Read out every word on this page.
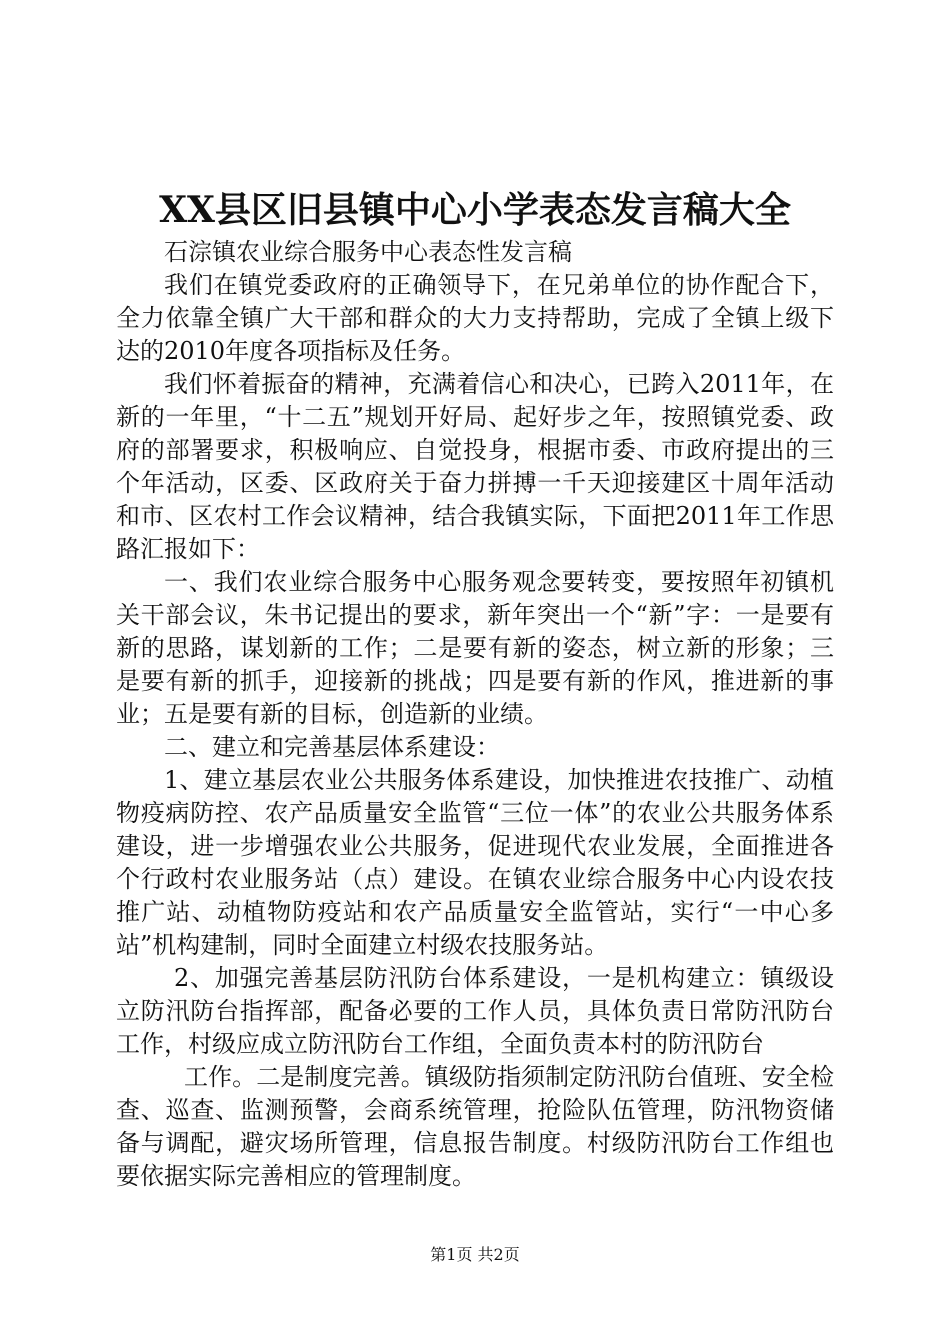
XX县区旧县镇中心小学表态发言稿大全

石淙镇农业综合服务中心表态性发言稿

我们在镇党委政府的正确领导下，在兄弟单位的协作配合下，全力依靠全镇广大干部和群众的大力支持帮助，完成了全镇上级下达的2010年度各项指标及任务。

我们怀着振奋的精神，充满着信心和决心，已跨入2011年，在新的一年里，“十二五”规划开好局、起好步之年，按照镇党委、政府的部署要求，积极响应、自觉投身，根据市委、市政府提出的三个年活动，区委、区政府关于奋力拼搏一千天迎接建区十周年活动和市、区农村工作会议精神，结合我镇实际，下面把2011年工作思路汇报如下：

一、我们农业综合服务中心服务观念要转变，要按照年初镇机关干部会议，朱书记提出的要求，新年突出一个“新”字：一是要有新的思路，谋划新的工作；二是要有新的姿态，树立新的形象；三是要有新的抓手，迎接新的挑战；四是要有新的作风，推进新的事业；五是要有新的目标，创造新的业绩。

二、建立和完善基层体系建设：

1、建立基层农业公共服务体系建设，加快推进农技推广、动植物疫病防控、农产品质量安全监管“三位一体”的农业公共服务体系建设，进一步增强农业公共服务，促进现代农业发展，全面推进各个行政村农业服务站（点）建设。在镇农业综合服务中心内设农技推广站、动植物防疫站和农产品质量安全监管站，实行“一中心多站”机构建制，同时全面建立村级农技服务站。

2、加强完善基层防汛防台体系建设，一是机构建立：镇级设立防汛防台指挥部，配备必要的工作人员，具体负责日常防汛防台工作，村级应成立防汛防台工作组，全面负责本村的防汛防台

工作。二是制度完善。镇级防指须制定防汛防台值班、安全检查、巡查、监测预警，会商系统管理，抢险队伍管理，防汛物资储备与调配，避灾场所管理，信息报告制度。村级防汛防台工作组也要依据实际完善相应的管理制度。

第1页 共2页
